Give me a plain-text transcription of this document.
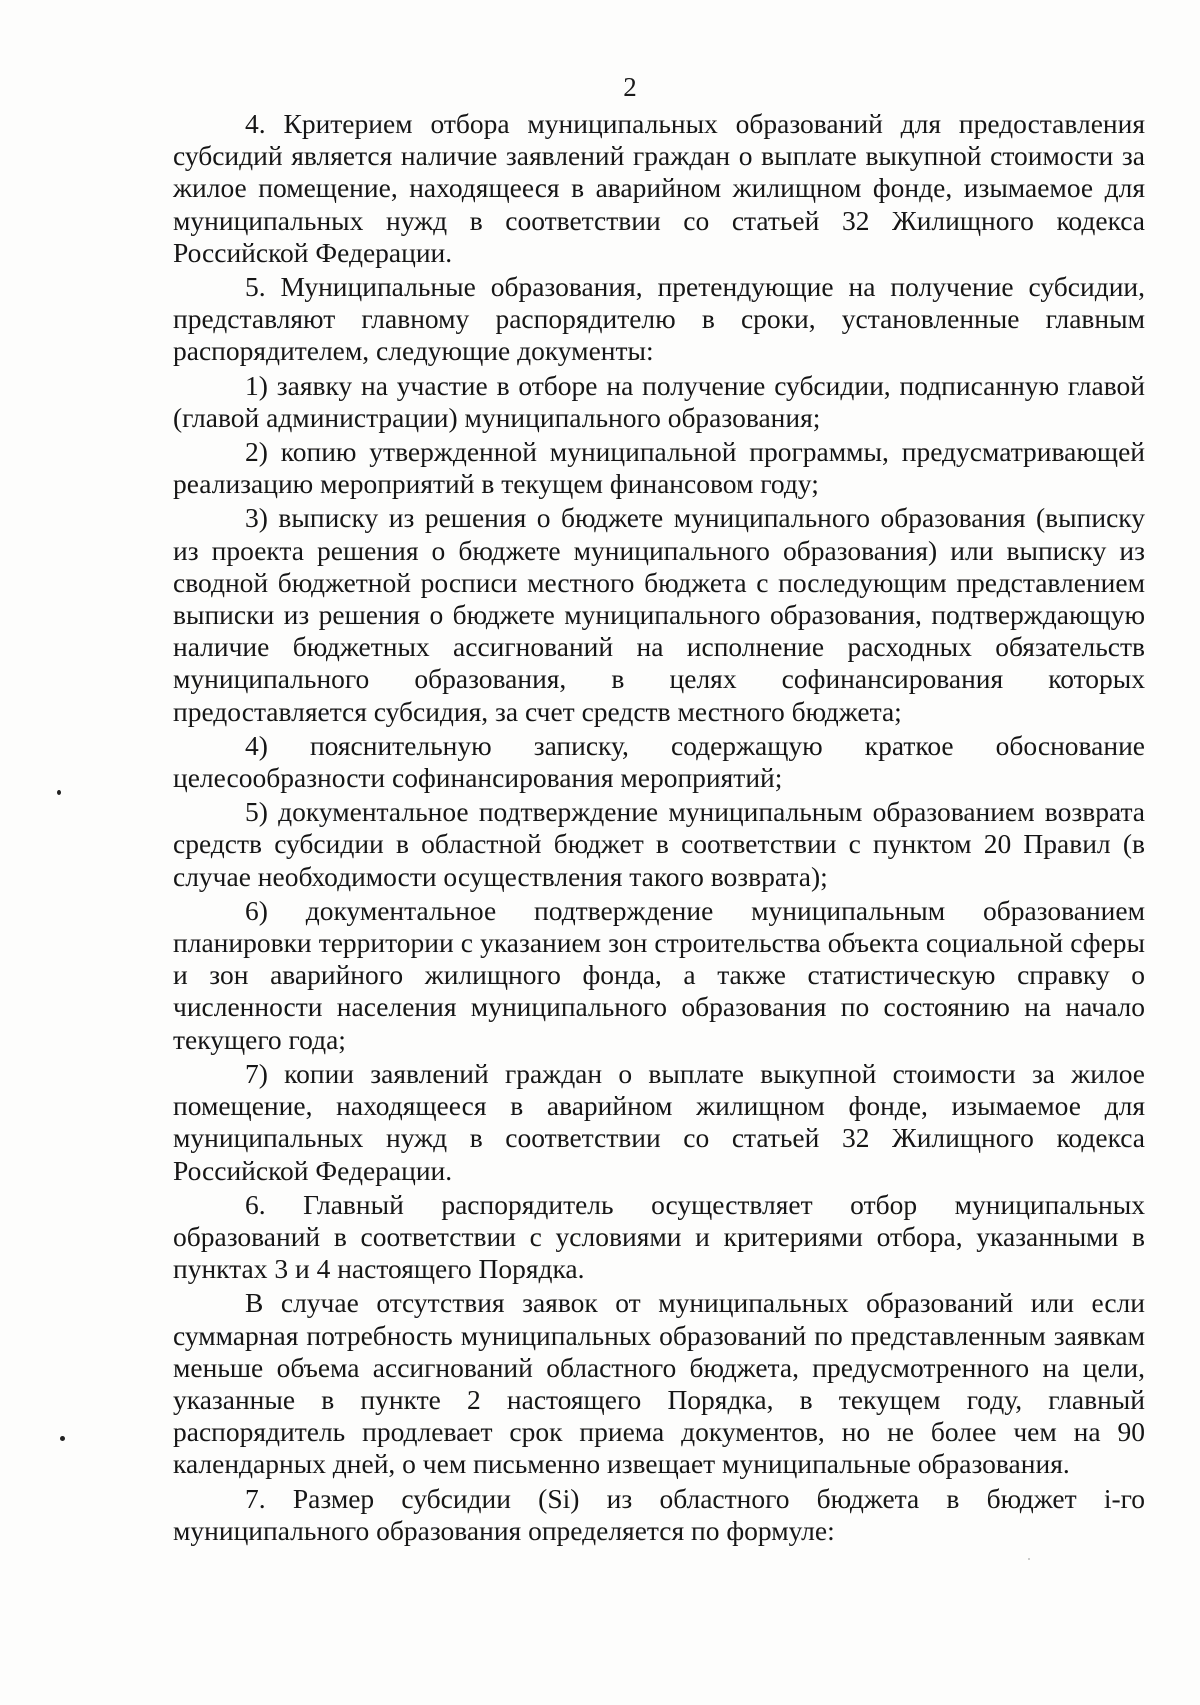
2

4. Критерием отбора муниципальных образований для предоставления субсидий является наличие заявлений граждан о выплате выкупной стоимости за жилое помещение, находящееся в аварийном жилищном фонде, изымаемое для муниципальных нужд в соответствии со статьей 32 Жилищного кодекса Российской Федерации.

5. Муниципальные образования, претендующие на получение субсидии, представляют главному распорядителю в сроки, установленные главным распорядителем, следующие документы:

1) заявку на участие в отборе на получение субсидии, подписанную главой (главой администрации) муниципального образования;

2) копию утвержденной муниципальной программы, предусматривающей реализацию мероприятий в текущем финансовом году;

3) выписку из решения о бюджете муниципального образования (выписку из проекта решения о бюджете муниципального образования) или выписку из сводной бюджетной росписи местного бюджета с последующим представлением выписки из решения о бюджете муниципального образования, подтверждающую наличие бюджетных ассигнований на исполнение расходных обязательств муниципального образования, в целях софинансирования которых предоставляется субсидия, за счет средств местного бюджета;

4) пояснительную записку, содержащую краткое обоснование целесообразности софинансирования мероприятий;

5) документальное подтверждение муниципальным образованием возврата средств субсидии в областной бюджет в соответствии с пунктом 20 Правил (в случае необходимости осуществления такого возврата);

6) документальное подтверждение муниципальным образованием планировки территории с указанием зон строительства объекта социальной сферы и зон аварийного жилищного фонда, а также статистическую справку о численности населения муниципального образования по состоянию на начало текущего года;

7) копии заявлений граждан о выплате выкупной стоимости за жилое помещение, находящееся в аварийном жилищном фонде, изымаемое для муниципальных нужд в соответствии со статьей 32 Жилищного кодекса Российской Федерации.

6. Главный распорядитель осуществляет отбор муниципальных образований в соответствии с условиями и критериями отбора, указанными в пунктах 3 и 4 настоящего Порядка.

В случае отсутствия заявок от муниципальных образований или если суммарная потребность муниципальных образований по представленным заявкам меньше объема ассигнований областного бюджета, предусмотренного на цели, указанные в пункте 2 настоящего Порядка, в текущем году, главный распорядитель продлевает срок приема документов, но не более чем на 90 календарных дней, о чем письменно извещает муниципальные образования.

7. Размер субсидии (Si) из областного бюджета в бюджет i-го муниципального образования определяется по формуле:
